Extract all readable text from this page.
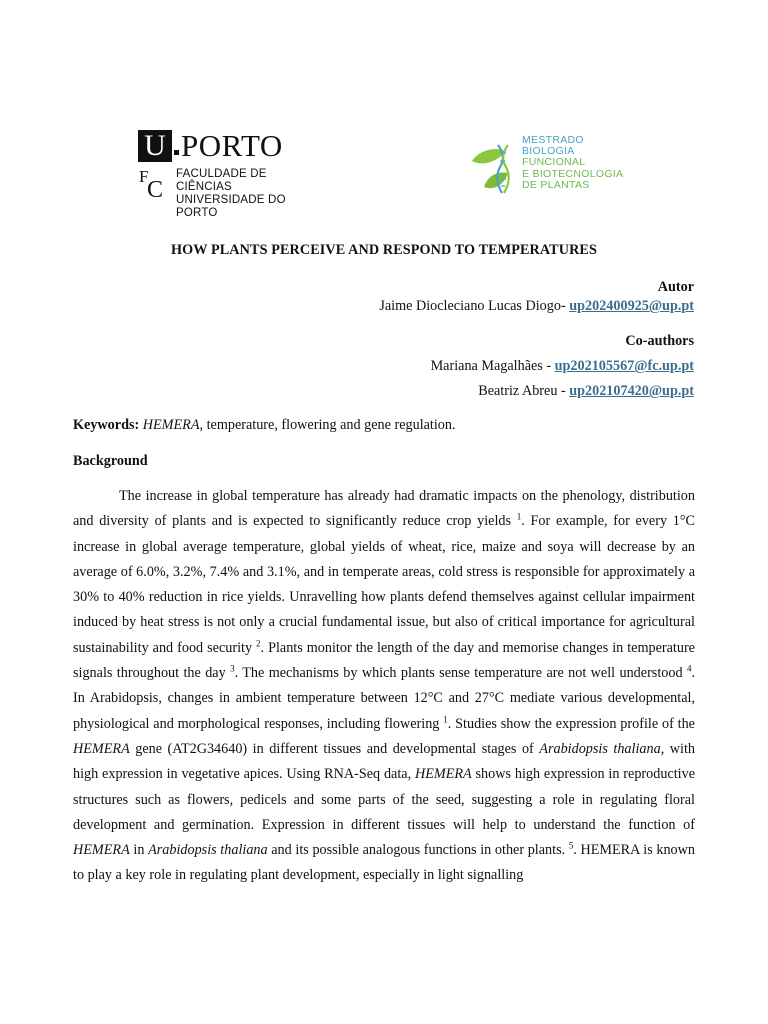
U PORTO
F
C
FACULDADE DE CIÊNCIAS
UNIVERSIDADE DO PORTO
MESTRADO
BIOLOGIA
FUNCIONAL
E BIOTECNOLOGIA
DE PLANTAS
HOW PLANTS PERCEIVE AND RESPOND TO TEMPERATURES
Autor
Jaime Diocleciano Lucas Diogo- up202400925@up.pt
Co-authors
Mariana Magalhães - up202105567@fc.up.pt
Beatriz Abreu - up202107420@up.pt
Keywords: HEMERA, temperature, flowering and gene regulation.
Background

The increase in global temperature has already had dramatic impacts on the phenology, distribution and diversity of plants and is expected to significantly reduce crop yields $^1$. For example, for every 1°C increase in global average temperature, global yields of wheat, rice, maize and soya will decrease by an average of 6.0%, 3.2%, 7.4% and 3.1%, and in temperate areas, cold stress is responsible for approximately a 30% to 40% reduction in rice yields. Unravelling how plants defend themselves against cellular impairment induced by heat stress is not only a crucial fundamental issue, but also of critical importance for agricultural sustainability and food security $^2$. Plants monitor the length of the day and memorise changes in temperature signals throughout the day $^3$. The mechanisms by which plants sense temperature are not well understood $^4$. In Arabidopsis, changes in ambient temperature between 12°C and 27°C mediate various developmental, physiological and morphological responses, including flowering $^1$. Studies show the expression profile of the HEMERA gene (AT2G34640) in different tissues and developmental stages of Arabidopsis thaliana, with high expression in vegetative apices. Using RNA-Seq data, HEMERA shows high expression in reproductive structures such as flowers, pedicels and some parts of the seed, suggesting a role in regulating floral development and germination. Expression in different tissues will help to understand the function of HEMERA in Arabidopsis thaliana and its possible analogous functions in other plants. $^5$. HEMERA is known to play a key role in regulating plant development, especially in light signalling
